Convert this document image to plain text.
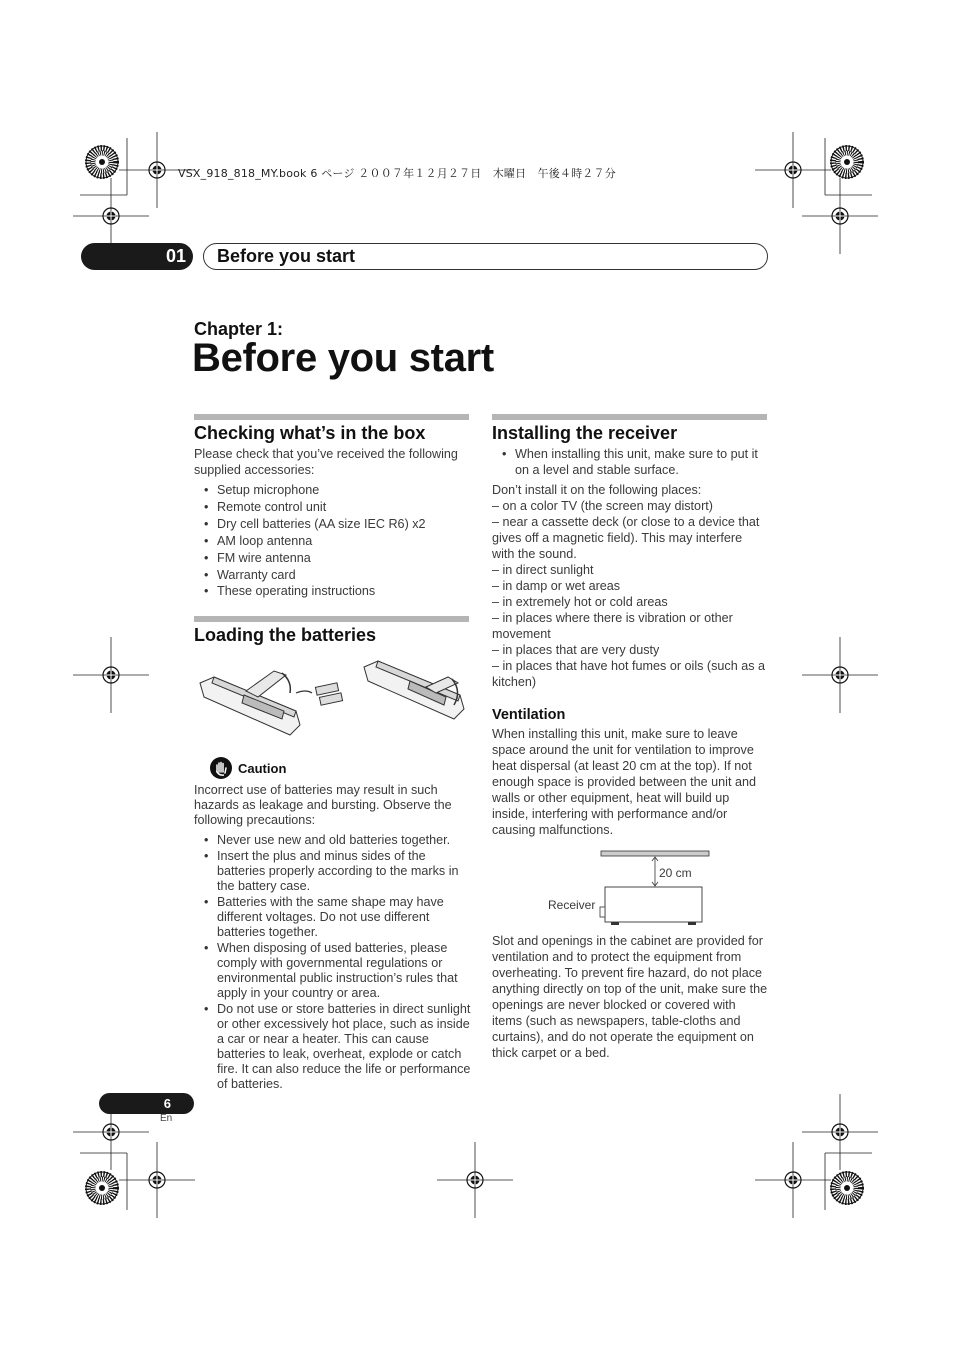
VSX_918_818_MY.book 6 ページ ２００７年１２月２７日　木曜日　午後４時２７分
01 Before you start
Chapter 1:
Before you start
Checking what’s in the box
Please check that you’ve received the following supplied accessories:
• Setup microphone
• Remote control unit
• Dry cell batteries (AA size IEC R6) x2
• AM loop antenna
• FM wire antenna
• Warranty card
• These operating instructions
Loading the batteries
Caution
Incorrect use of batteries may result in such hazards as leakage and bursting. Observe the following precautions:
• Never use new and old batteries together.
• Insert the plus and minus sides of the batteries properly according to the marks in the battery case.
• Batteries with the same shape may have different voltages. Do not use different batteries together.
• When disposing of used batteries, please comply with governmental regulations or environmental public instruction’s rules that apply in your country or area.
• Do not use or store batteries in direct sunlight or other excessively hot place, such as inside a car or near a heater. This can cause batteries to leak, overheat, explode or catch fire. It can also reduce the life or performance of batteries.
Installing the receiver
• When installing this unit, make sure to put it on a level and stable surface.
Don’t install it on the following places:
– on a color TV (the screen may distort)
– near a cassette deck (or close to a device that gives off a magnetic field). This may interfere with the sound.
– in direct sunlight
– in damp or wet areas
– in extremely hot or cold areas
– in places where there is vibration or other movement
– in places that are very dusty
– in places that have hot fumes or oils (such as a kitchen)
Ventilation
When installing this unit, make sure to leave space around the unit for ventilation to improve heat dispersal (at least 20 cm at the top). If not enough space is provided between the unit and walls or other equipment, heat will build up inside, interfering with performance and/or causing malfunctions.
20 cm
Receiver
Slot and openings in the cabinet are provided for ventilation and to protect the equipment from overheating. To prevent fire hazard, do not place anything directly on top of the unit, make sure the openings are never blocked or covered with items (such as newspapers, table-cloths and curtains), and do not operate the equipment on thick carpet or a bed.
6
En
